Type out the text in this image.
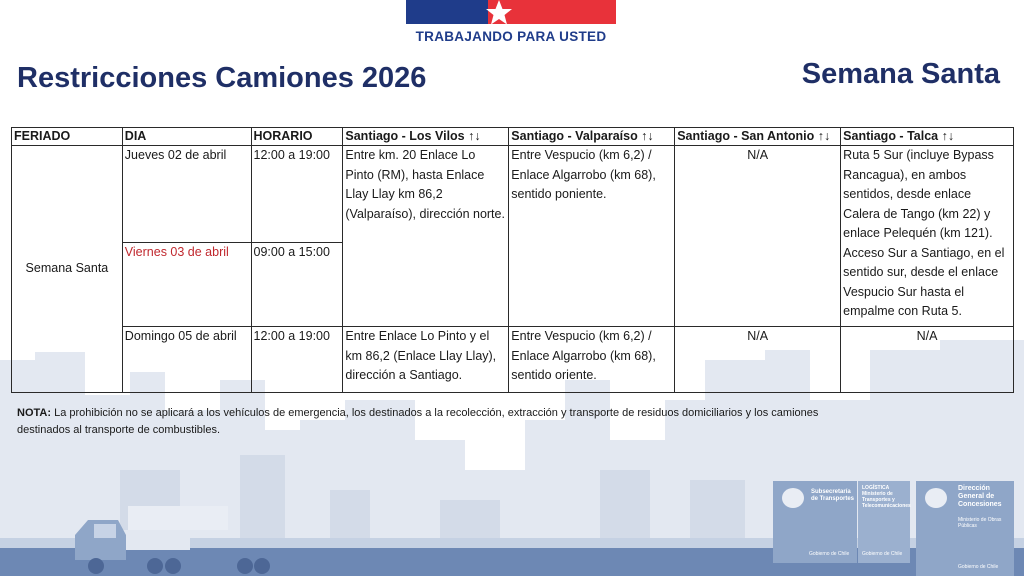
TRABAJANDO PARA USTED
Restricciones Camiones 2026	Semana Santa
FERIADO	DIA	HORARIO	Santiago - Los Vilos ↑↓	Santiago - Valparaíso ↑↓	Santiago - San Antonio ↑↓	Santiago - Talca ↑↓
Semana Santa	Jueves 02 de abril	12:00 a 19:00	Entre km. 20 Enlace Lo Pinto (RM), hasta Enlace Llay Llay km 86,2 (Valparaíso), dirección norte.	Entre Vespucio (km 6,2) / Enlace Algarrobo (km 68), sentido poniente.	N/A	Ruta 5 Sur (incluye Bypass Rancagua), en ambos sentidos, desde enlace Calera de Tango (km 22) y enlace Pelequén (km 121). Acceso Sur a Santiago, en el sentido sur, desde el enlace Vespucio Sur hasta el empalme con Ruta 5.
	Viernes 03 de abril	09:00 a 15:00				
	Domingo 05 de abril	12:00 a 19:00	Entre Enlace Lo Pinto y el km 86,2 (Enlace Llay Llay), dirección a Santiago.	Entre Vespucio (km 6,2) / Enlace Algarrobo (km 68), sentido oriente.	N/A	N/A
NOTA: La prohibición no se aplicará a los vehículos de emergencia, los destinados a la recolección, extracción y transporte de residuos domiciliarios y los camiones destinados al transporte de combustibles.
Subsecretaría de Transportes
Gobierno de Chile
LOGÍSTICA Ministerio de Transportes y Telecomunicaciones
Gobierno de Chile
Dirección General de Concesiones
Ministerio de Obras Públicas
Gobierno de Chile
